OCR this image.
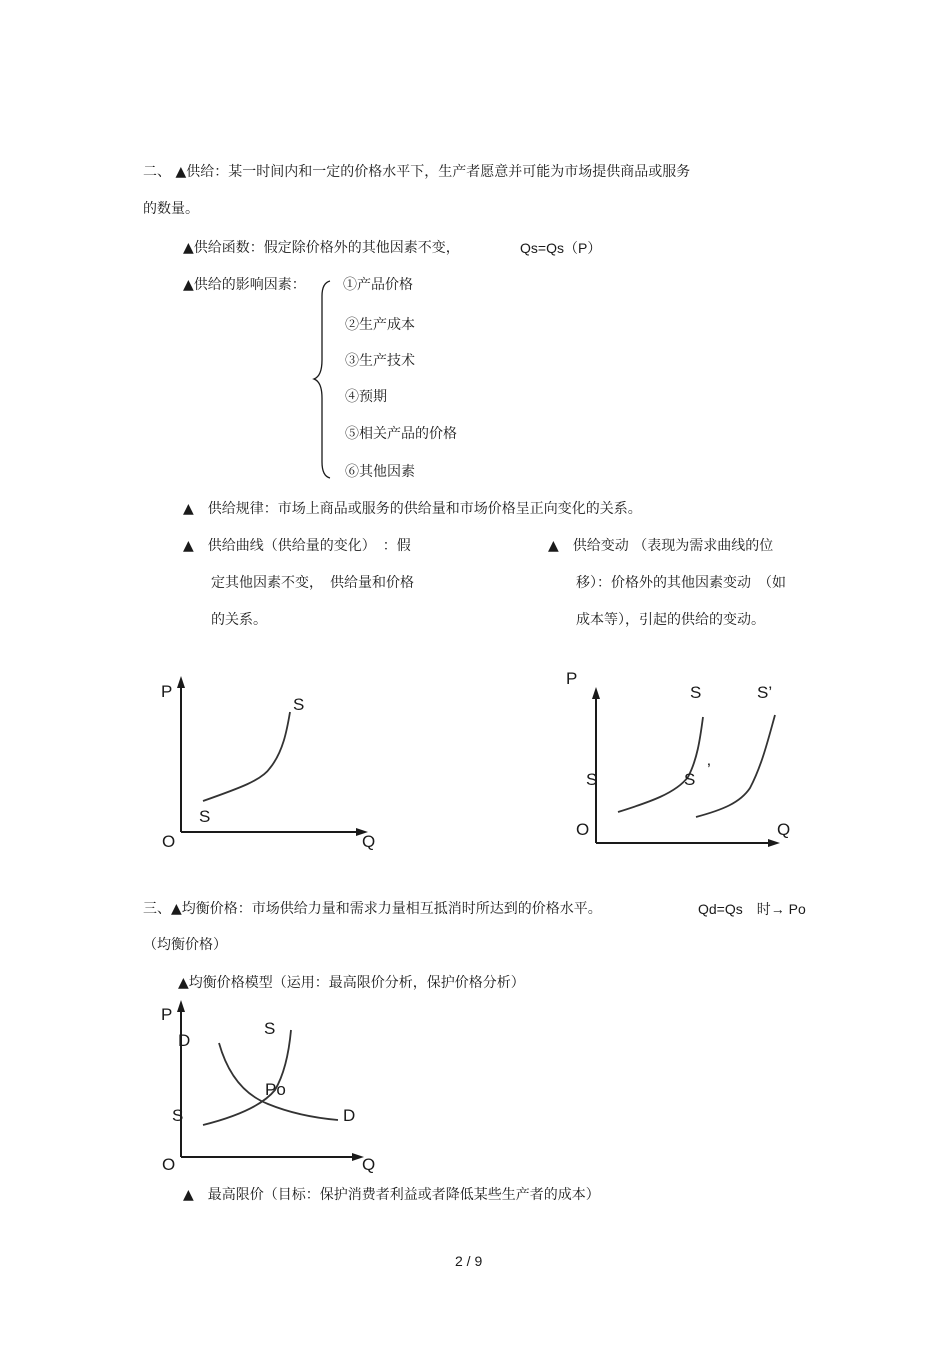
二、 ▲供给：某一时间内和一定的价格水平下，生产者愿意并可能为市场提供商品或服务
的数量。
▲供给函数：假定除价格外的其他因素不变，	Qs=Qs（P）
▲供给的影响因素：	①产品价格
②生产成本
③生产技术
④预期
⑤相关产品的价格
⑥其他因素
▲　供给规律：市场上商品或服务的供给量和市场价格呈正向变化的关系。
▲　供给曲线（供给量的变化）　：假
定其他因素不变，　供给量和价格
的关系。
▲　供给变动 （表现为需求曲线的位
移）：价格外的其他因素变动　（如
成本等），引起的供给的变动。
P
S
S
O	Q
P
S	S’
S	S
’
O	Q
三、▲均衡价格：市场供给力量和需求力量相互抵消时所达到的价格水平。	Qd=Qs　时→ Po
（均衡价格）
▲均衡价格模型（运用：最高限价分析，保护价格分析）
P
D
S
Po
S	D
O	Q
▲　最高限价（目标：保护消费者利益或者降低某些生产者的成本）
2 / 9
